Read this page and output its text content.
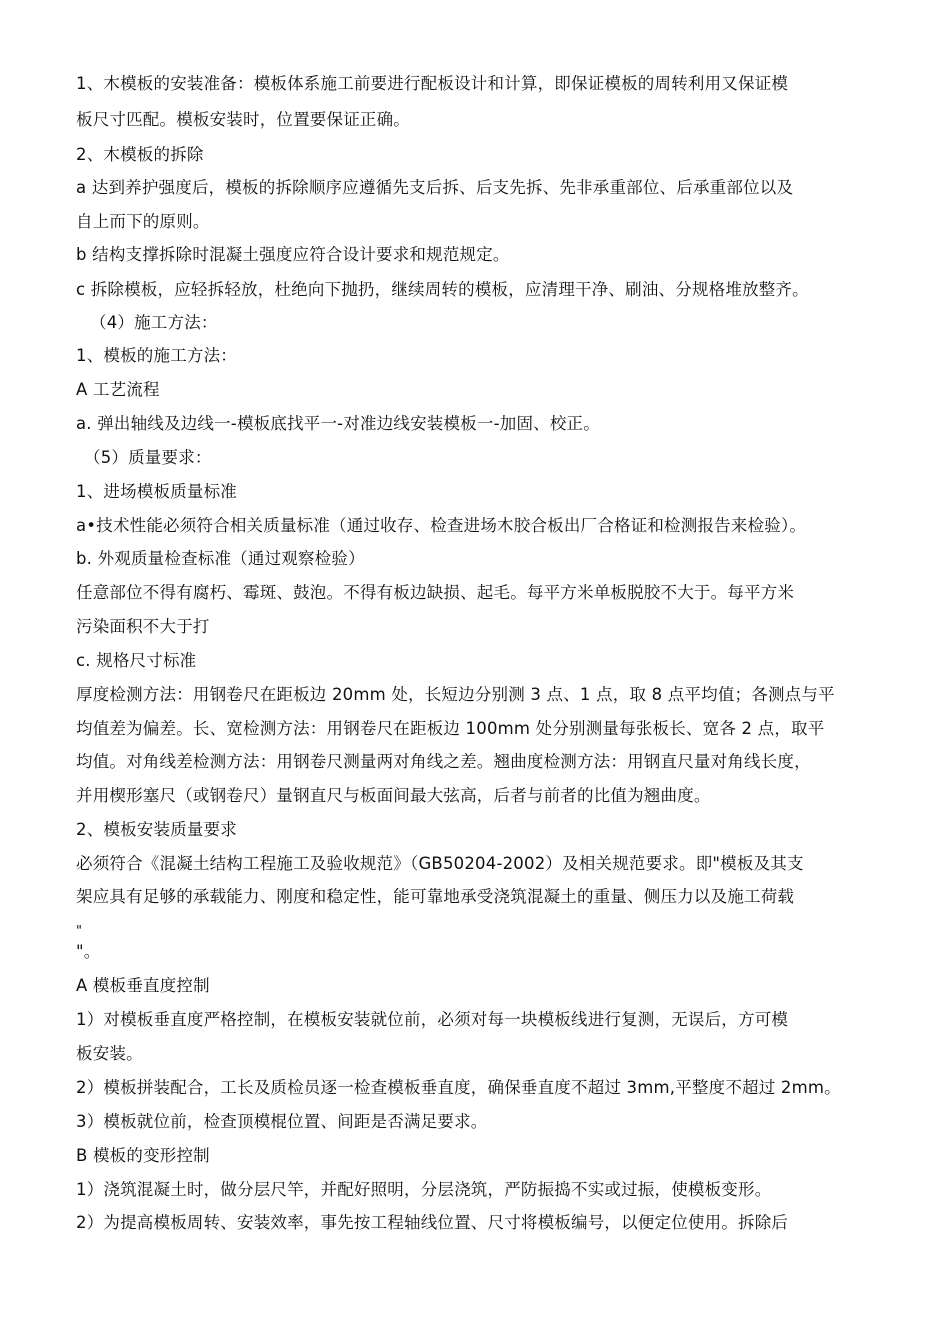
1、木模板的安装准备：模板体系施工前要进行配板设计和计算，即保证模板的周转利用又保证模
板尺寸匹配。模板安装时，位置要保证正确。
2、木模板的拆除
a 达到养护强度后，模板的拆除顺序应遵循先支后拆、后支先拆、先非承重部位、后承重部位以及
自上而下的原则。
b 结构支撑拆除时混凝土强度应符合设计要求和规范规定。
c 拆除模板，应轻拆轻放，杜绝向下抛扔，继续周转的模板，应清理干净、刷油、分规格堆放整齐。
（4）施工方法：
1、模板的施工方法：
A 工艺流程
a. 弹出轴线及边线一-模板底找平一-对准边线安装模板一-加固、校正。
（5）质量要求：
1、进场模板质量标准
a•技术性能必须符合相关质量标准（通过收存、检查进场木胶合板出厂合格证和检测报告来检验）。
b. 外观质量检查标准（通过观察检验）
任意部位不得有腐朽、霉斑、鼓泡。不得有板边缺损、起毛。每平方米单板脱胶不大于。每平方米
污染面积不大于打
c. 规格尺寸标准
厚度检测方法：用钢卷尺在距板边 20mm 处，长短边分别测 3 点、1 点，取 8 点平均值；各测点与平
均值差为偏差。长、宽检测方法：用钢卷尺在距板边 100mm 处分别测量每张板长、宽各 2 点，取平
均值。对角线差检测方法：用钢卷尺测量两对角线之差。翘曲度检测方法：用钢直尺量对角线长度，
并用楔形塞尺（或钢卷尺）量钢直尺与板面间最大弦高，后者与前者的比值为翘曲度。
2、模板安装质量要求
必须符合《混凝土结构工程施工及验收规范》（GB50204-2002）及相关规范要求。即"模板及其支
架应具有足够的承载能力、刚度和稳定性，能可靠地承受浇筑混凝土的重量、侧压力以及施工荷载
"
"。
A 模板垂直度控制
1）对模板垂直度严格控制，在模板安装就位前，必须对每一块模板线进行复测，无误后，方可模
板安装。
2）模板拼装配合，工长及质检员逐一检查模板垂直度，确保垂直度不超过 3mm,平整度不超过 2mm。
3）模板就位前，检查顶模棍位置、间距是否满足要求。
B 模板的变形控制
1）浇筑混凝土时，做分层尺竿，并配好照明，分层浇筑，严防振捣不实或过振，使模板变形。
2）为提高模板周转、安装效率，事先按工程轴线位置、尺寸将模板编号，以便定位使用。拆除后
